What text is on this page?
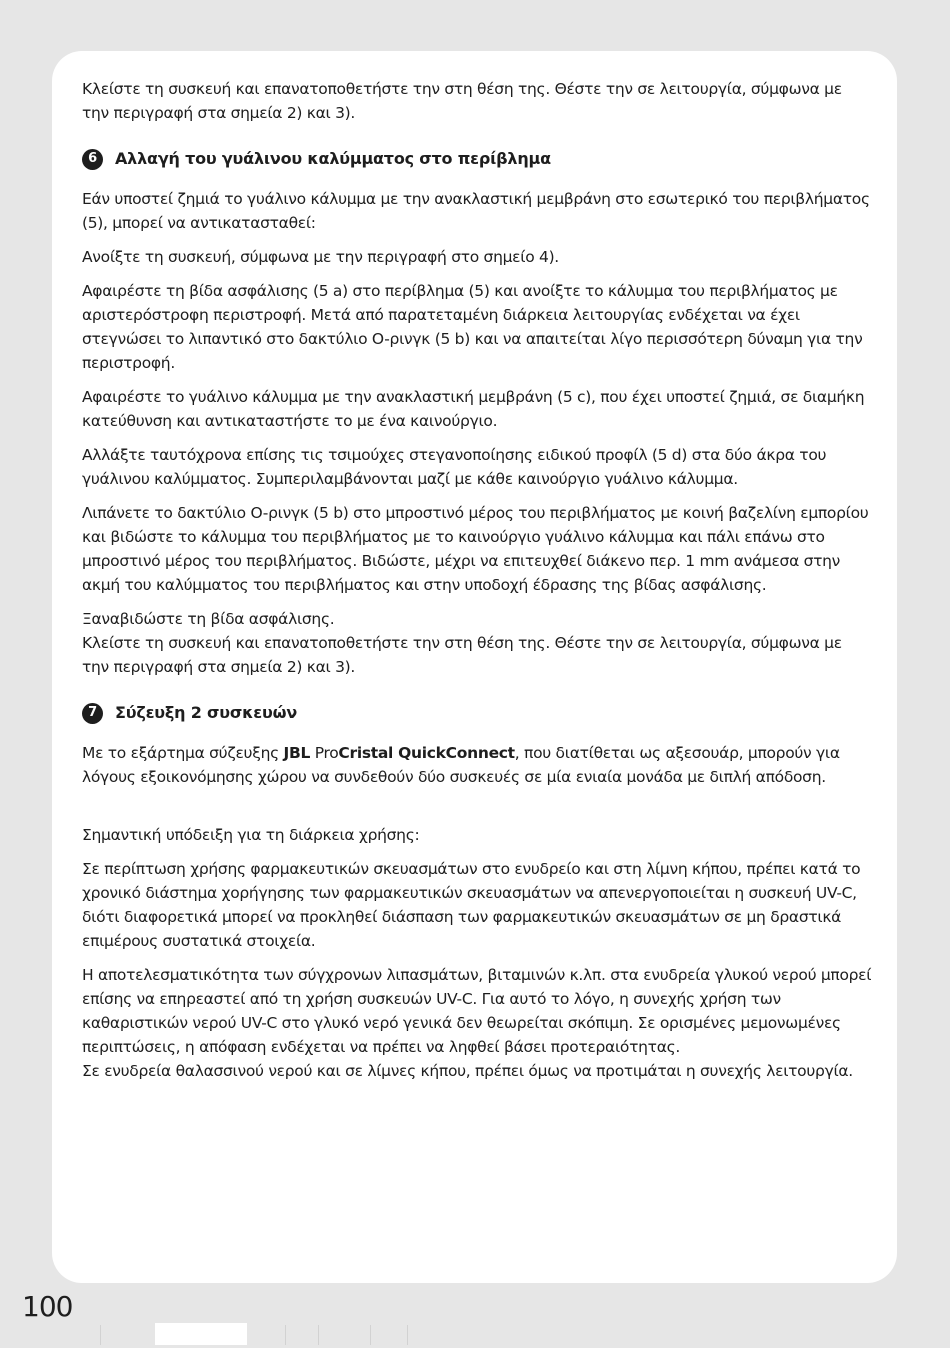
Κλείστε τη συσκευή και επανατοποθετήστε την στη θέση της. Θέστε την σε λειτουργία, σύμφωνα με την περιγραφή στα σημεία 2) και 3).

6	Αλλαγή του γυάλινου καλύμματος στο περίβλημα

Εάν υποστεί ζημιά το γυάλινο κάλυμμα με την ανακλαστική μεμβράνη στο εσωτερικό του περιβλήματος (5), μπορεί να αντικατασταθεί:

Ανοίξτε τη συσκευή, σύμφωνα με την περιγραφή στο σημείο 4).

Αφαιρέστε τη βίδα ασφάλισης (5 a) στο περίβλημα (5) και ανοίξτε το κάλυμμα του περιβλήματος με αριστερόστροφη περιστροφή. Μετά από παρατεταμένη διάρκεια λειτουργίας ενδέχεται να έχει στεγνώσει το λιπαντικό στο δακτύλιο O-ρινγκ (5 b) και να απαιτείται λίγο περισσότερη δύναμη για την περιστροφή.

Αφαιρέστε το γυάλινο κάλυμμα με την ανακλαστική μεμβράνη (5 c), που έχει υποστεί ζημιά, σε διαμήκη κατεύθυνση και αντικαταστήστε το με ένα καινούργιο.

Αλλάξτε ταυτόχρονα επίσης τις τσιμούχες στεγανοποίησης ειδικού προφίλ (5 d) στα δύο άκρα του γυάλινου καλύμματος. Συμπεριλαμβάνονται μαζί με κάθε καινούργιο γυάλινο κάλυμμα.

Λιπάνετε το δακτύλιο O-ρινγκ (5 b) στο μπροστινό μέρος του περιβλήματος με κοινή βαζελίνη εμπορίου και βιδώστε το κάλυμμα του περιβλήματος με το καινούργιο γυάλινο κάλυμμα και πάλι επάνω στο μπροστινό μέρος του περιβλήματος. Βιδώστε, μέχρι να επιτευχθεί διάκενο περ. 1 mm ανάμεσα στην ακμή του καλύμματος του περιβλήματος και στην υποδοχή έδρασης της βίδας ασφάλισης.

Ξαναβιδώστε τη βίδα ασφάλισης.

Κλείστε τη συσκευή και επανατοποθετήστε την στη θέση της. Θέστε την σε λειτουργία, σύμφωνα με την περιγραφή στα σημεία 2) και 3).

7	Σύζευξη 2 συσκευών

Με το εξάρτημα σύζευξης JBL ProCristal QuickConnect, που διατίθεται ως αξεσουάρ, μπορούν για λόγους εξοικονόμησης χώρου να συνδεθούν δύο συσκευές σε μία ενιαία μονάδα με διπλή απόδοση.

Σημαντική υπόδειξη για τη διάρκεια χρήσης:

Σε περίπτωση χρήσης φαρμακευτικών σκευασμάτων στο ενυδρείο και στη λίμνη κήπου, πρέπει κατά το χρονικό διάστημα χορήγησης των φαρμακευτικών σκευασμάτων να απενεργοποιείται η συσκευή UV-C, διότι διαφορετικά μπορεί να προκληθεί διάσπαση των φαρμακευτικών σκευασμάτων σε μη δραστικά επιμέρους συστατικά στοιχεία.

Η αποτελεσματικότητα των σύγχρονων λιπασμάτων, βιταμινών κ.λπ. στα ενυδρεία γλυκού νερού μπορεί επίσης να επηρεαστεί από τη χρήση συσκευών UV-C. Για αυτό το λόγο, η συνεχής χρήση των καθαριστικών νερού UV-C στο γλυκό νερό γενικά δεν θεωρείται σκόπιμη. Σε ορισμένες μεμονωμένες περιπτώσεις, η απόφαση ενδέχεται να πρέπει να ληφθεί βάσει προτεραιότητας.

Σε ενυδρεία θαλασσινού νερού και σε λίμνες κήπου, πρέπει όμως να προτιμάται η συνεχής λειτουργία.

100
